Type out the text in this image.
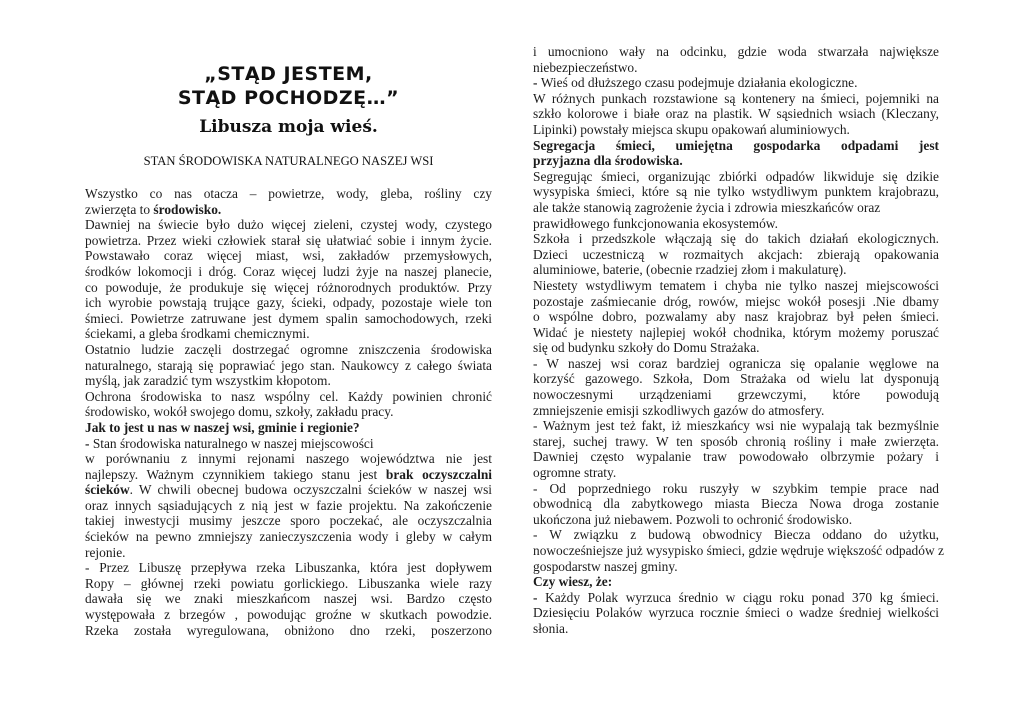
„STĄD JESTEM,
STĄD POCHODZĘ…”
Libusza moja wieś.
STAN ŚRODOWISKA NATURALNEGO NASZEJ WSI
Wszystko co nas otacza – powietrze, wody, gleba, rośliny czy
zwierzęta to środowisko.
Dawniej na świecie było dużo więcej zieleni, czystej wody, czystego
powietrza. Przez wieki człowiek starał się ułatwiać sobie i innym życie.
Powstawało coraz więcej miast, wsi, zakładów przemysłowych,
środków lokomocji i dróg. Coraz więcej ludzi żyje na naszej planecie,
co powoduje, że produkuje się więcej różnorodnych produktów. Przy
ich wyrobie powstają trujące gazy, ścieki, odpady, pozostaje wiele ton
śmieci. Powietrze zatruwane jest dymem spalin samochodowych, rzeki
ściekami, a gleba środkami chemicznymi.
Ostatnio ludzie zaczęli dostrzegać ogromne zniszczenia środowiska
naturalnego, starają się poprawiać jego stan. Naukowcy z całego świata
myślą, jak zaradzić tym wszystkim kłopotom.
Ochrona środowiska to nasz wspólny cel. Każdy powinien chronić
środowisko, wokół swojego domu, szkoły, zakładu pracy.
Jak to jest u nas w naszej wsi, gminie i regionie?
- Stan środowiska naturalnego w naszej miejscowości
w porównaniu z innymi rejonami naszego województwa nie jest
najlepszy. Ważnym czynnikiem takiego stanu jest brak oczyszczalni
ścieków. W chwili obecnej budowa oczyszczalni ścieków w naszej wsi
oraz innych sąsiadujących z nią jest w fazie projektu. Na zakończenie
takiej inwestycji musimy jeszcze sporo poczekać, ale oczyszczalnia
ścieków na pewno zmniejszy zanieczyszczenia wody i gleby w całym
rejonie.
- Przez Libuszę przepływa rzeka Libuszanka, która jest dopływem
Ropy – głównej rzeki powiatu gorlickiego. Libuszanka wiele razy
dawała się we znaki mieszkańcom naszej wsi. Bardzo często
występowała z brzegów , powodując groźne w skutkach powodzie.
Rzeka została wyregulowana, obniżono dno rzeki, poszerzono
i umocniono wały na odcinku, gdzie woda stwarzała największe
niebezpieczeństwo.
- Wieś od dłuższego czasu podejmuje działania ekologiczne.
W różnych punkach rozstawione są kontenery na śmieci, pojemniki na
szkło kolorowe i białe oraz na plastik. W sąsiednich wsiach (Kleczany,
Lipinki) powstały miejsca skupu opakowań aluminiowych.
Segregacja śmieci, umiejętna gospodarka odpadami jest
przyjazna dla środowiska.
Segregując śmieci, organizując zbiórki odpadów likwiduje się dzikie
wysypiska śmieci, które są nie tylko wstydliwym punktem krajobrazu,
ale także stanowią zagrożenie życia i zdrowia mieszkańców oraz
prawidłowego funkcjonowania ekosystemów.
Szkoła i przedszkole włączają się do takich działań ekologicznych.
Dzieci uczestniczą w rozmaitych akcjach: zbierają opakowania
aluminiowe, baterie, (obecnie rzadziej złom i makulaturę).
Niestety wstydliwym tematem i chyba nie tylko naszej miejscowości
pozostaje zaśmiecanie dróg, rowów, miejsc wokół posesji .Nie dbamy
o wspólne dobro, pozwalamy aby nasz krajobraz był pełen śmieci.
Widać je niestety najlepiej wokół chodnika, którym możemy poruszać
się od budynku szkoły do Domu Strażaka.
- W naszej wsi coraz bardziej ogranicza się opalanie węglowe na
korzyść gazowego. Szkoła, Dom Strażaka od wielu lat dysponują
nowoczesnymi urządzeniami grzewczymi, które powodują
zmniejszenie emisji szkodliwych gazów do atmosfery.
- Ważnym jest też fakt, iż mieszkańcy wsi nie wypalają tak bezmyślnie
starej, suchej trawy. W ten sposób chronią rośliny i małe zwierzęta.
Dawniej często wypalanie traw powodowało olbrzymie pożary i
ogromne straty.
- Od poprzedniego roku ruszyły w szybkim tempie prace nad
obwodnicą dla zabytkowego miasta Biecza Nowa droga zostanie
ukończona już niebawem. Pozwoli to ochronić środowisko.
- W związku z budową obwodnicy Biecza oddano do użytku,
nowocześniejsze już wysypisko śmieci, gdzie wędruje większość odpadów z
gospodarstw naszej gminy.
Czy wiesz, że:
- Każdy Polak wyrzuca średnio w ciągu roku ponad 370 kg śmieci.
Dziesięciu Polaków wyrzuca rocznie śmieci o wadze średniej wielkości
słonia.
